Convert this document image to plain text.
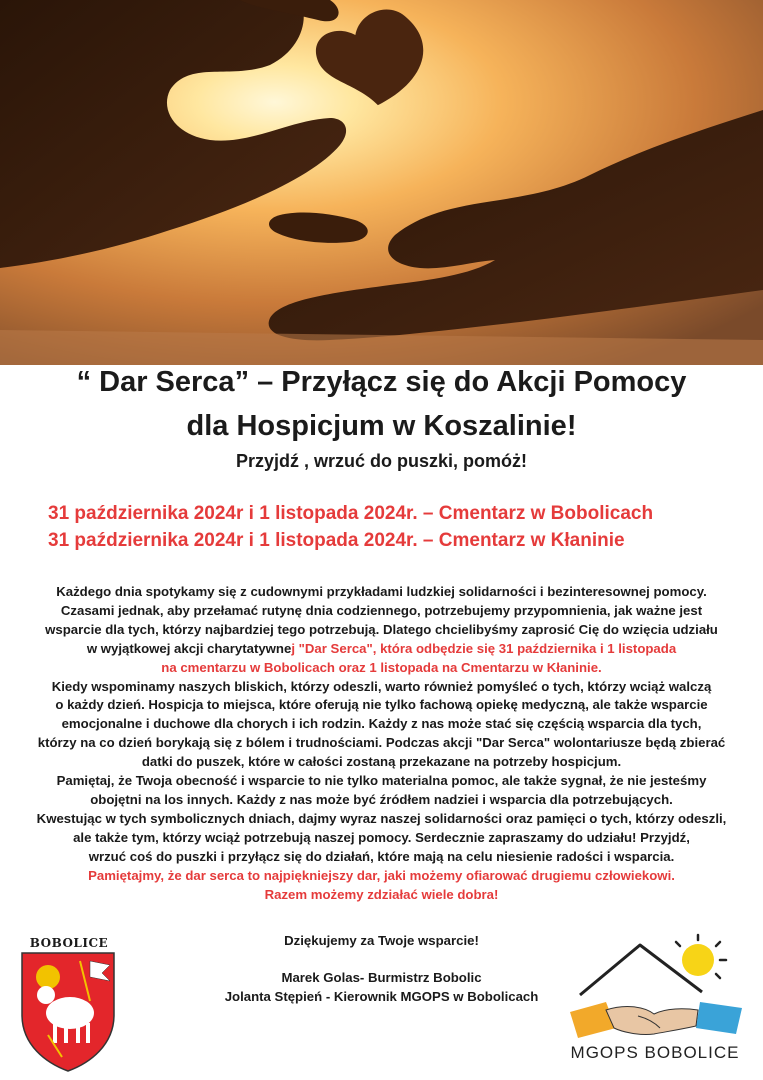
“ Dar Serca” – Przyłącz się do Akcji Pomocy
dla Hospicjum w Koszalinie!
Przyjdź , wrzuć do puszki, pomóż!
31 października 2024r i 1 listopada 2024r. – Cmentarz w Bobolicach
31 października 2024r i 1 listopada 2024r. – Cmentarz w Kłaninie
Każdego dnia spotykamy się z cudownymi przykładami ludzkiej solidarności i bezinteresownej pomocy.
Czasami jednak, aby przełamać rutynę dnia codziennego, potrzebujemy przypomnienia, jak ważne jest
wsparcie dla tych, którzy najbardziej tego potrzebują. Dlatego chcielibyśmy zaprosić Cię do wzięcia udziału
w wyjątkowej akcji charytatywnej "Dar Serca", która odbędzie się 31 października i 1 listopada
na cmentarzu w Bobolicach oraz 1 listopada na Cmentarzu w Kłaninie.
Kiedy wspominamy naszych bliskich, którzy odeszli, warto również pomyśleć o tych, którzy wciąż walczą
o każdy dzień. Hospicja to miejsca, które oferują nie tylko fachową opiekę medyczną, ale także wsparcie
emocjonalne i duchowe dla chorych i ich rodzin. Każdy z nas może stać się częścią wsparcia dla tych,
którzy na co dzień borykają się z bólem i trudnościami. Podczas akcji "Dar Serca" wolontariusze będą zbierać
datki do puszek, które w całości zostaną przekazane na potrzeby hospicjum.
Pamiętaj, że Twoja obecność i wsparcie to nie tylko materialna pomoc, ale także sygnał, że nie jesteśmy
obojętni na los innych. Każdy z nas może być źródłem nadziei i wsparcia dla potrzebujących.
Kwestując w tych symbolicznych dniach, dajmy wyraz naszej solidarności oraz pamięci o tych, którzy odeszli,
ale także tym, którzy wciąż potrzebują naszej pomocy. Serdecznie zapraszamy do udziału! Przyjdź,
wrzuć coś do puszki i przyłącz się do działań, które mają na celu niesienie radości i wsparcia.
Pamiętajmy, że dar serca to najpiękniejszy dar, jaki możemy ofiarować drugiemu człowiekowi.
Razem możemy zdziałać wiele dobra!
Dziękujemy za Twoje wsparcie!
Marek Golas- Burmistrz Bobolic
Jolanta Stępień - Kierownik MGOPS w Bobolicach
BOBOLICE
MGOPS BOBOLICE
